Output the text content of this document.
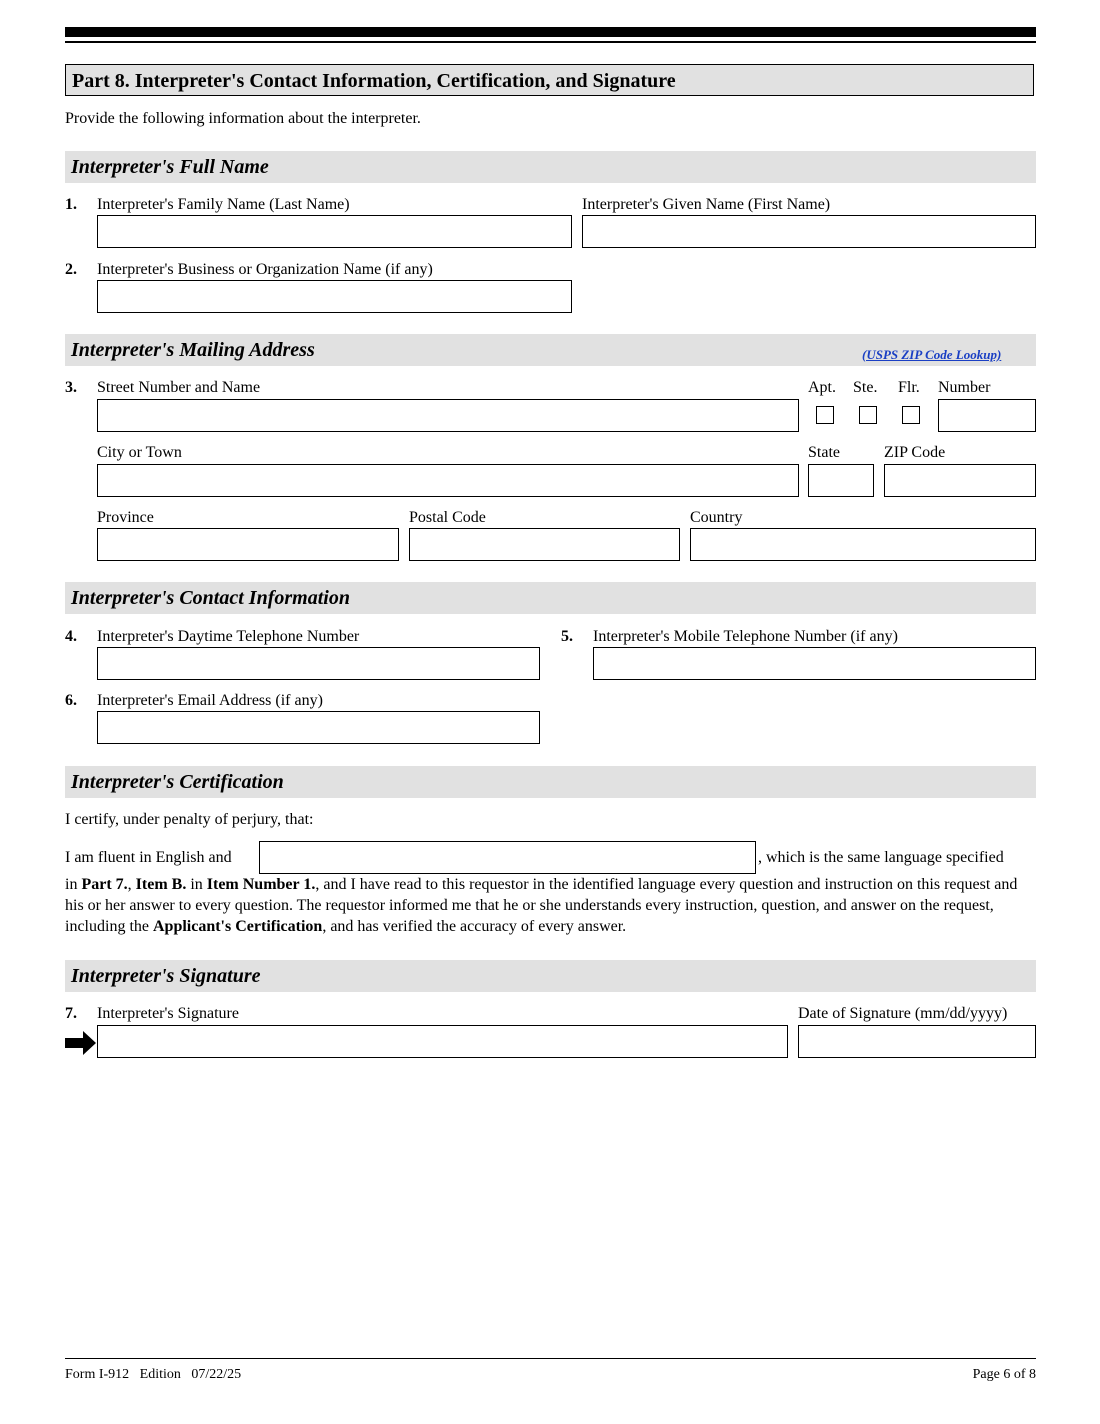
Part 8. Interpreter's Contact Information, Certification, and Signature
Provide the following information about the interpreter.
Interpreter's Full Name
1. Interpreter's Family Name (Last Name)	Interpreter's Given Name (First Name)
2. Interpreter's Business or Organization Name (if any)
Interpreter's Mailing Address	(USPS ZIP Code Lookup)
3. Street Number and Name	Apt. Ste. Flr. Number
City or Town	State	ZIP Code
Province	Postal Code	Country
Interpreter's Contact Information
4. Interpreter's Daytime Telephone Number	5. Interpreter's Mobile Telephone Number (if any)
6. Interpreter's Email Address (if any)
Interpreter's Certification
I certify, under penalty of perjury, that:
I am fluent in English and	, which is the same language specified
in Part 7., Item B. in Item Number 1., and I have read to this requestor in the identified language every question and instruction on this request and his or her answer to every question. The requestor informed me that he or she understands every instruction, question, and answer on the request, including the Applicant's Certification, and has verified the accuracy of every answer.
Interpreter's Signature
7. Interpreter's Signature	Date of Signature (mm/dd/yyyy)
Form I-912   Edition   07/22/25	Page 6 of 8
